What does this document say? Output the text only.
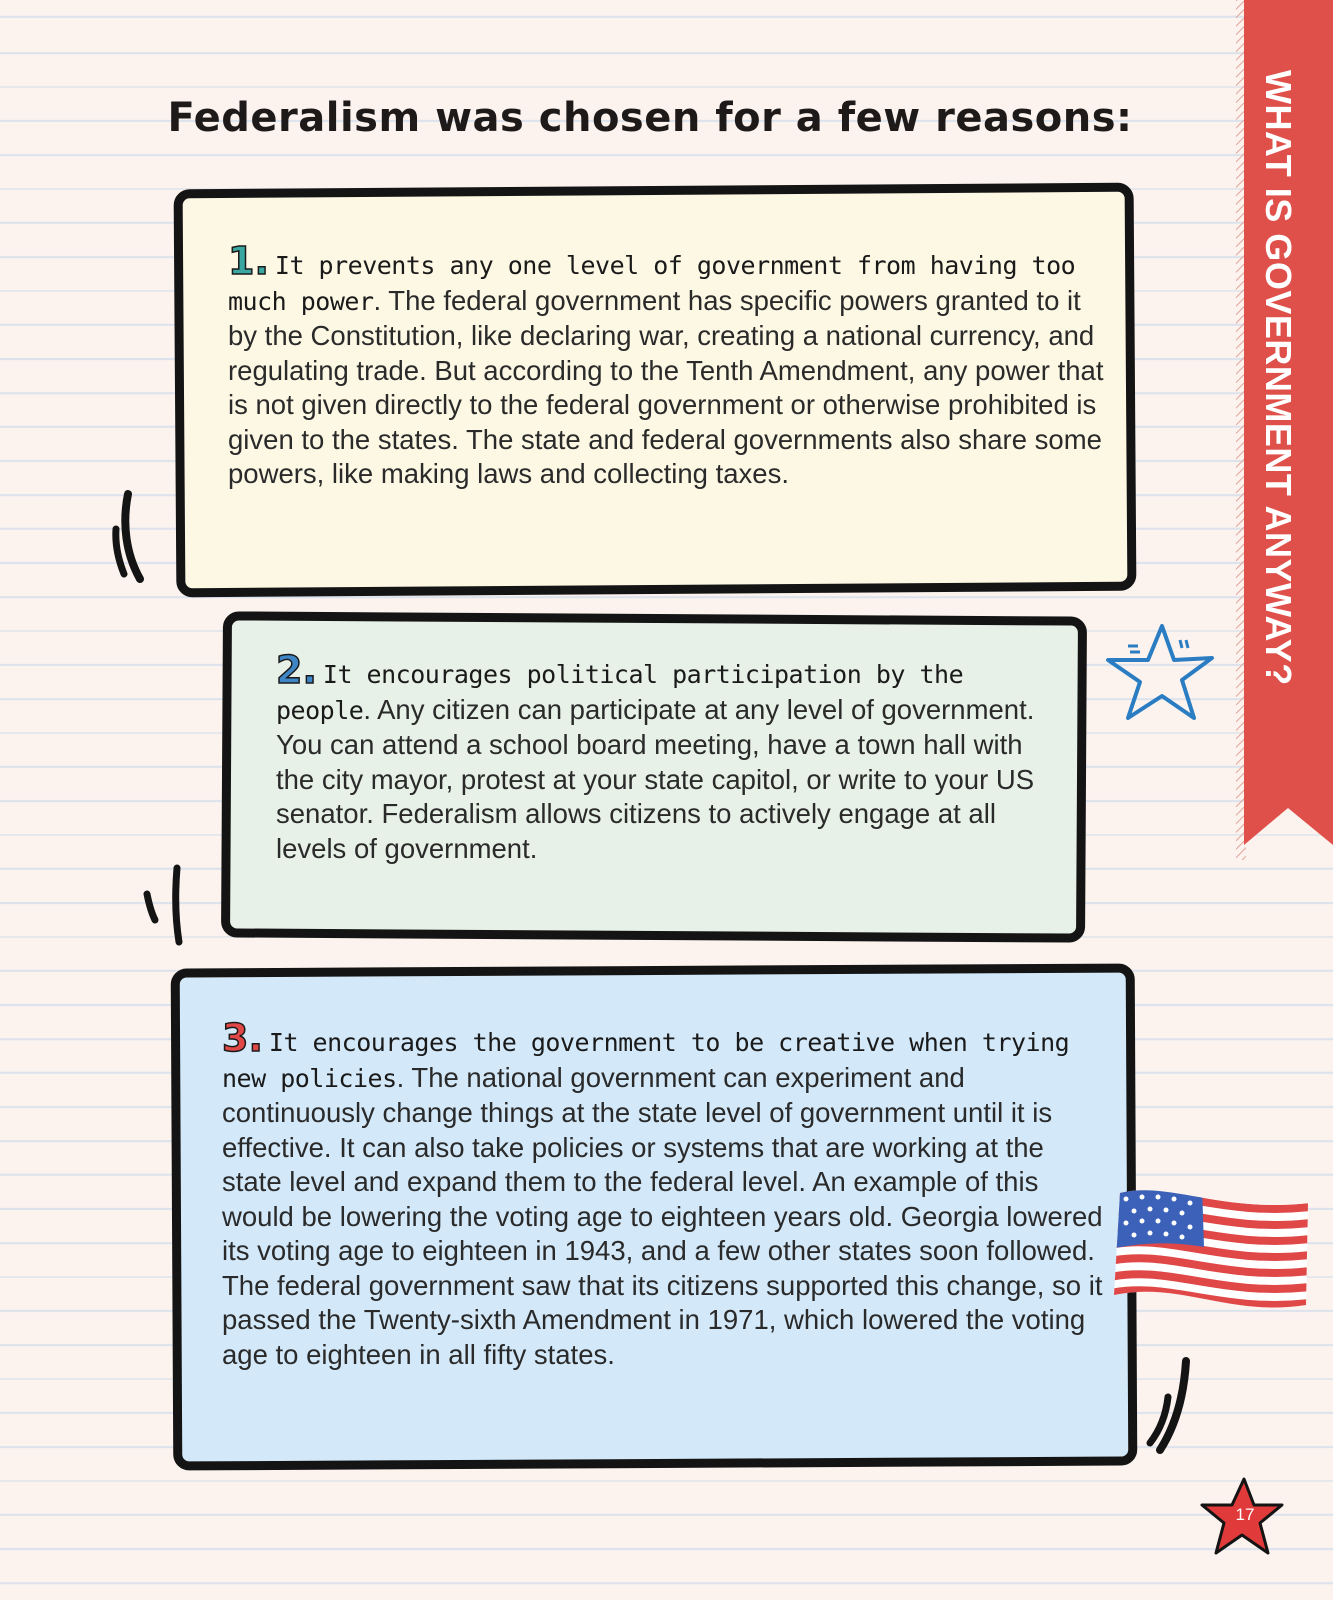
Federalism was chosen for a few reasons:	WHAT IS GOVERNMENT ANYWAY?

1. It prevents any one level of government from having too much power. The federal government has specific powers granted to it by the Constitution, like declaring war, creating a national currency, and regulating trade. But according to the Tenth Amendment, any power that is not given directly to the federal government or otherwise prohibited is given to the states. The state and federal governments also share some powers, like making laws and collecting taxes.

2. It encourages political participation by the people. Any citizen can participate at any level of government. You can attend a school board meeting, have a town hall with the city mayor, protest at your state capitol, or write to your US senator. Federalism allows citizens to actively engage at all levels of government.

3. It encourages the government to be creative when trying new policies. The national government can experiment and continuously change things at the state level of government until it is effective. It can also take policies or systems that are working at the state level and expand them to the federal level. An example of this would be lowering the voting age to eighteen years old. Georgia lowered its voting age to eighteen in 1943, and a few other states soon followed. The federal government saw that its citizens supported this change, so it passed the Twenty-sixth Amendment in 1971, which lowered the voting age to eighteen in all fifty states.

17
